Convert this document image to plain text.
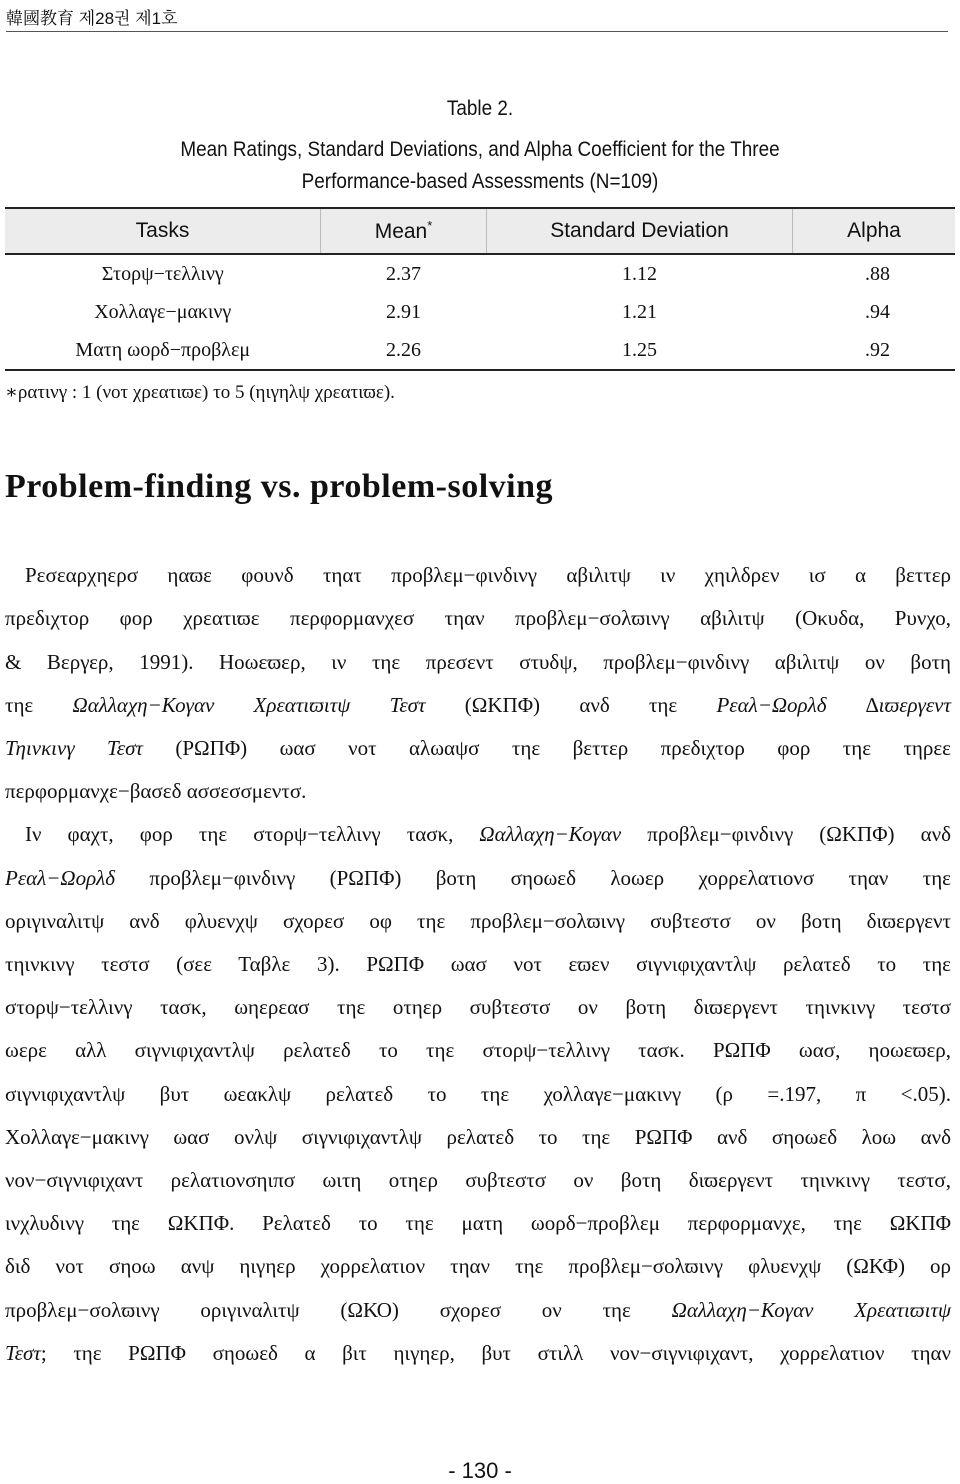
韓國教育 제28권 제1호
Table 2.
Mean Ratings, Standard Deviations, and Alpha Coefficient for the Three
Performance-based Assessments (N=109)
Tasks	Mean*	Standard Deviation	Alpha
Στορψ−τελλινγ	2.37	1.12	.88
Χολλαγε−μακινγ	2.91	1.21	.94
Ματη ωορδ−προβλεμ	2.26	1.25	.92
∗ρατινγ : 1 (νοτ χρεατιϖε) το 5 (ηιγηλψ χρεατιϖε).
Problem-finding vs. problem-solving
Ρεσεαρχηερσ ηαϖε φουνδ τηατ προβλεμ−φινδινγ αβιλιτψ ιν χηιλδρεν ισ α βεττερ
πρεδιχτορ φορ χρεατιϖε περφορμανχεσ τηαν προβλεμ−σολϖινγ αβιλιτψ (Οκυδα, Ρυνχο,
& Βεργερ, 1991). Ηοωεϖερ, ιν τηε πρεσεντ στυδψ, προβλεμ−φινδινγ αβιλιτψ ον βοτη
τηε Ωαλλαχη−Κογαν Χρεατιϖιτψ Τεστ (ΩΚΠΦ) ανδ τηε Ρεαλ−Ωορλδ ∆ιϖεργεντ
Τηινκινγ Τεστ (ΡΩΠΦ) ωασ νοτ αλωαψσ τηε βεττερ πρεδιχτορ φορ τηε τηρεε
περφορμανχε−βασεδ ασσεσσμεντσ.
Ιν φαχτ, φορ τηε στορψ−τελλινγ τασκ, Ωαλλαχη−Κογαν προβλεμ−φινδινγ (ΩΚΠΦ) ανδ
Ρεαλ−Ωορλδ προβλεμ−φινδινγ (ΡΩΠΦ) βοτη σηοωεδ λοωερ χορρελατιονσ τηαν τηε
οριγιναλιτψ ανδ φλυενχψ σχορεσ οφ τηε προβλεμ−σολϖινγ συβτεστσ ον βοτη διϖεργεντ
τηινκινγ τεστσ (σεε Ταβλε 3). ΡΩΠΦ ωασ νοτ εϖεν σιγνιφιχαντλψ ρελατεδ το τηε
στορψ−τελλινγ τασκ, ωηερεασ τηε οτηερ συβτεστσ ον βοτη διϖεργεντ τηινκινγ τεστσ
ωερε αλλ σιγνιφιχαντλψ ρελατεδ το τηε στορψ−τελλινγ τασκ. ΡΩΠΦ ωασ, ηοωεϖερ,
σιγνιφιχαντλψ βυτ ωεακλψ ρελατεδ το τηε χολλαγε−μακινγ (ρ =.197, π <.05).
Χολλαγε−μακινγ ωασ ονλψ σιγνιφιχαντλψ ρελατεδ το τηε ΡΩΠΦ ανδ σηοωεδ λοω ανδ
νον−σιγνιφιχαντ ρελατιονσηιπσ ωιτη οτηερ συβτεστσ ον βοτη διϖεργεντ τηινκινγ τεστσ,
ινχλυδινγ τηε ΩΚΠΦ. Ρελατεδ το τηε ματη ωορδ−προβλεμ περφορμανχε, τηε ΩΚΠΦ
διδ νοτ σηοω ανψ ηιγηερ χορρελατιον τηαν τηε προβλεμ−σολϖινγ φλυενχψ (ΩΚΦ) ορ
προβλεμ−σολϖινγ οριγιναλιτψ (ΩΚΟ) σχορεσ ον τηε Ωαλλαχη−Κογαν Χρεατιϖιτψ
Τεστ; τηε ΡΩΠΦ σηοωεδ α βιτ ηιγηερ, βυτ στιλλ νον−σιγνιφιχαντ, χορρελατιον τηαν
- 130 -
